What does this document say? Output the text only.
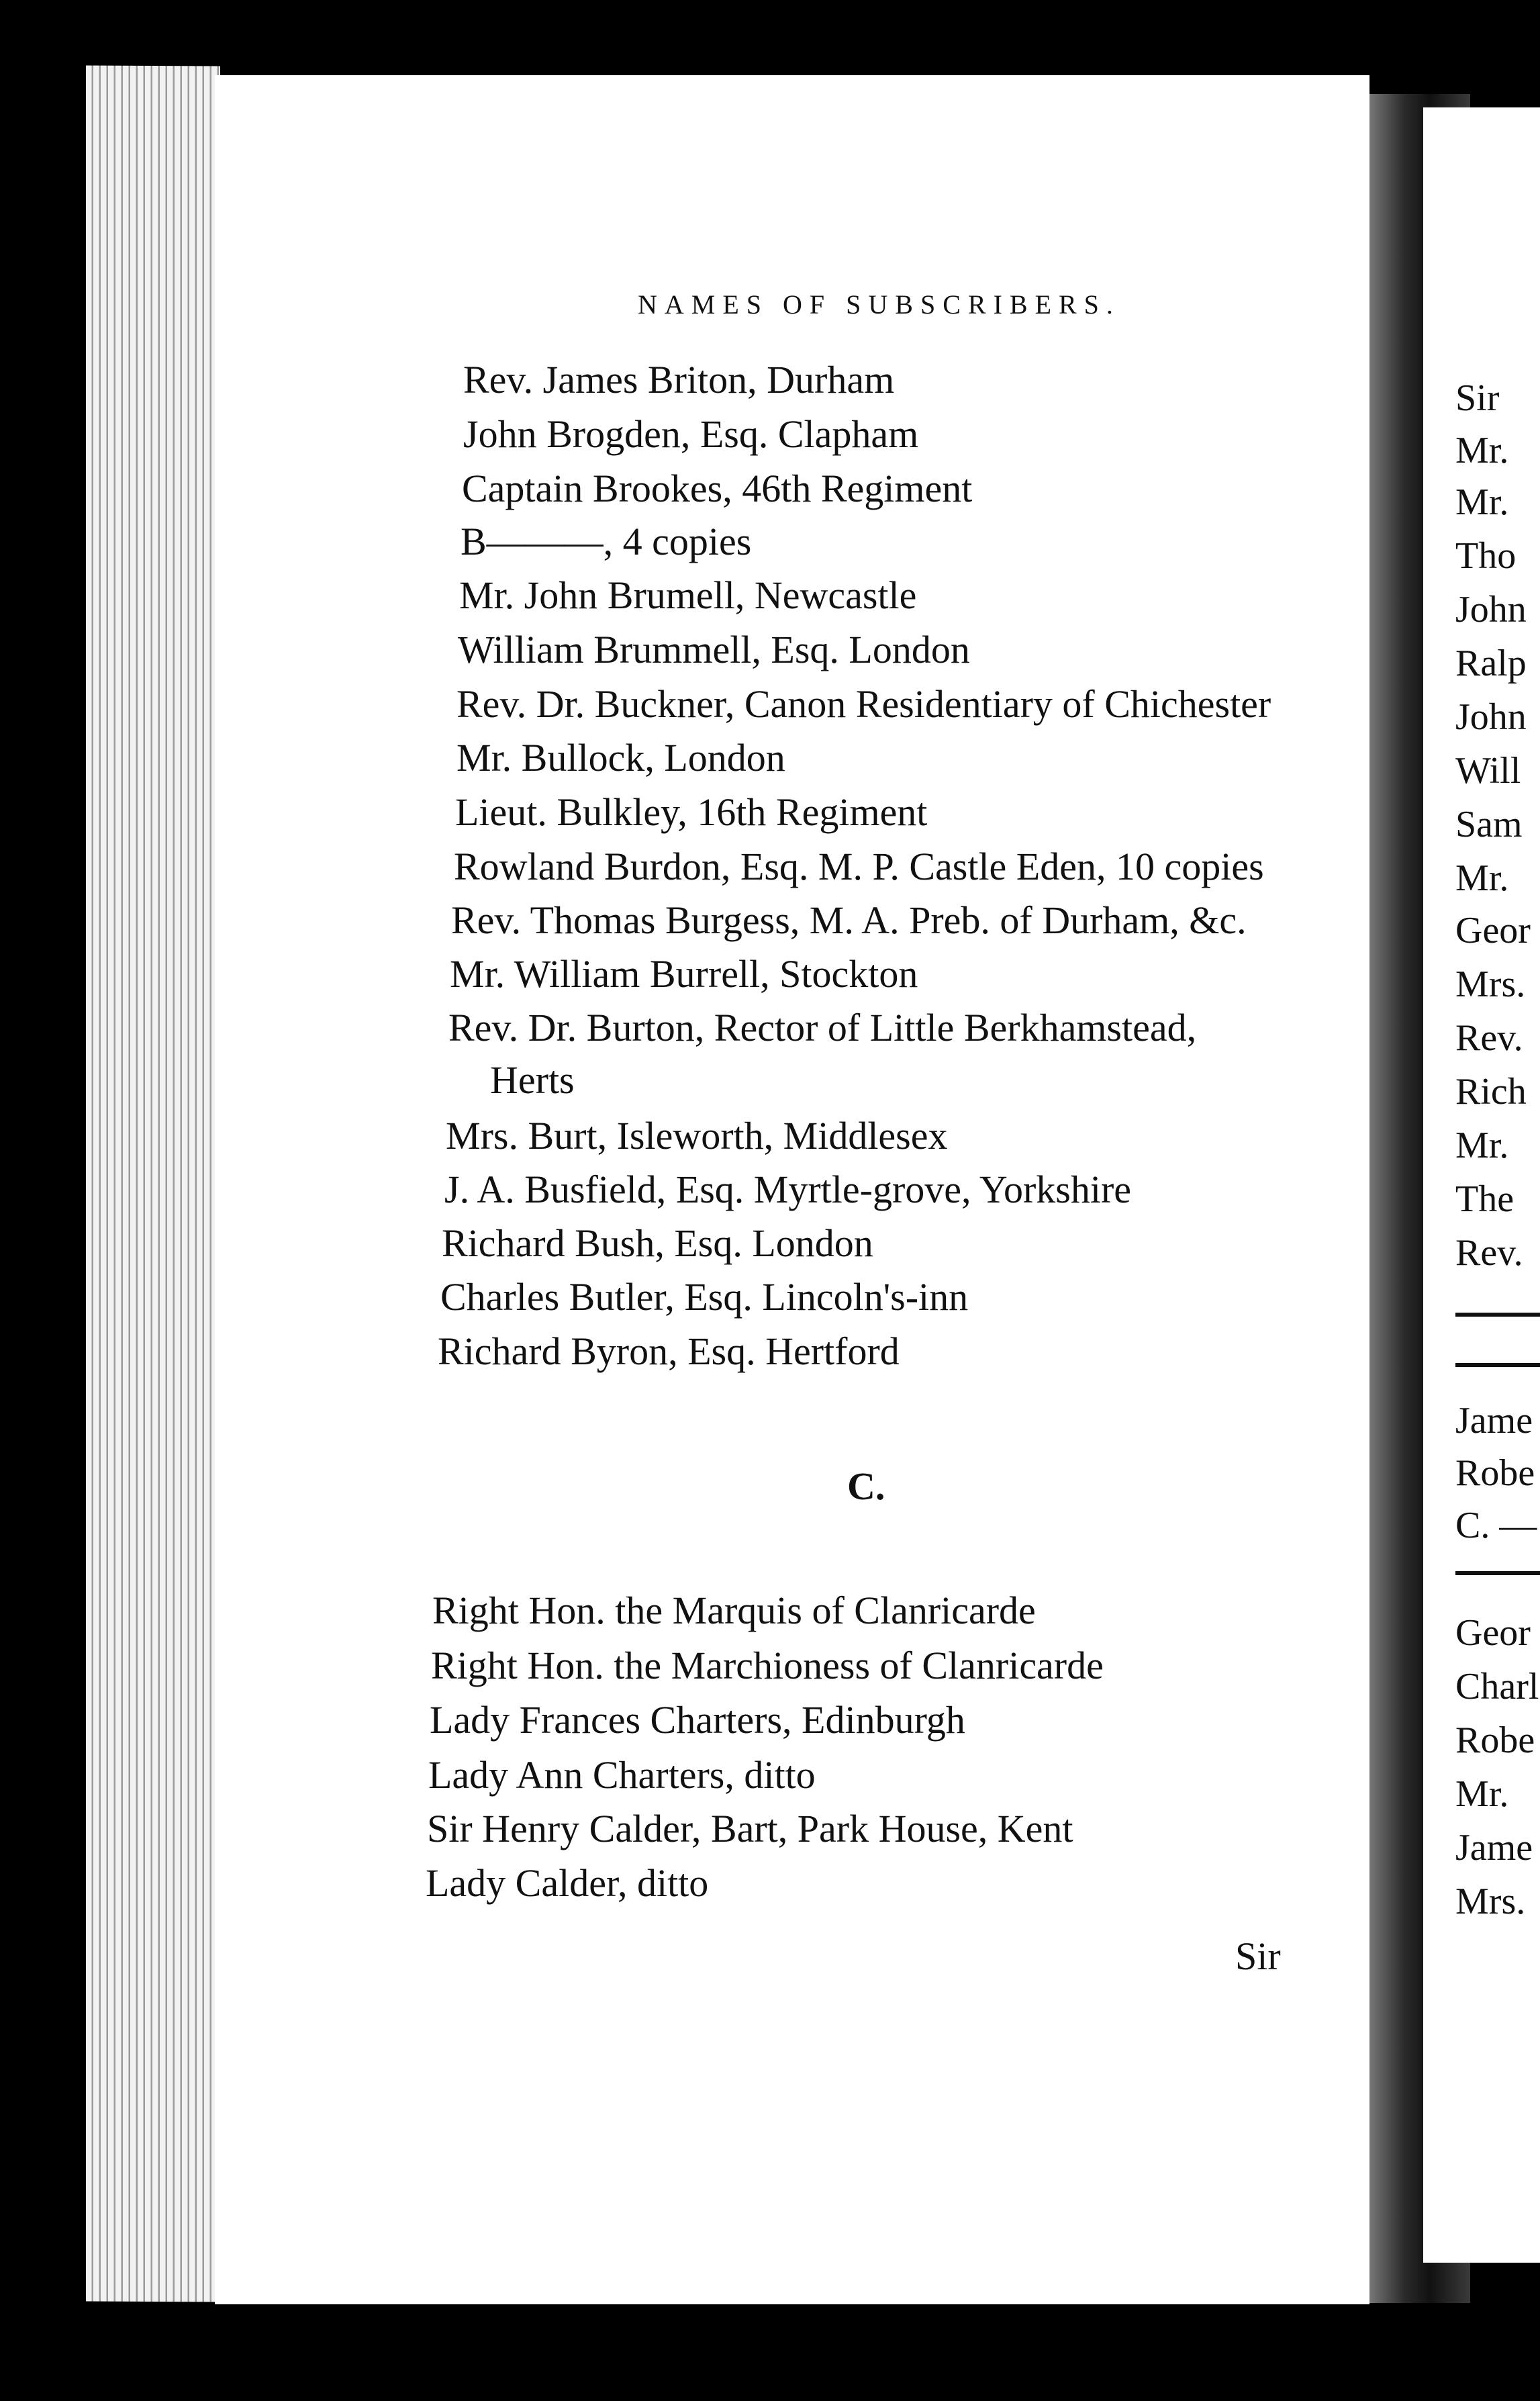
NAMES OF SUBSCRIBERS.
Rev. James Briton, Durham
John Brogden, Esq. Clapham
Captain Brookes, 46th Regiment
B———, 4 copies
Mr. John Brumell, Newcastle
William Brummell, Esq. London
Rev. Dr. Buckner, Canon Residentiary of Chichester
Mr. Bullock, London
Lieut. Bulkley, 16th Regiment
Rowland Burdon, Esq. M. P. Castle Eden, 10 copies
Rev. Thomas Burgess, M. A. Preb. of Durham, &c.
Mr. William Burrell, Stockton
Rev. Dr. Burton, Rector of Little Berkhamstead,
Herts
Mrs. Burt, Isleworth, Middlesex
J. A. Busfield, Esq. Myrtle-grove, Yorkshire
Richard Bush, Esq. London
Charles Butler, Esq. Lincoln's-inn
Richard Byron, Esq. Hertford
C.
Right Hon. the Marquis of Clanricarde
Right Hon. the Marchioness of Clanricarde
Lady Frances Charters, Edinburgh
Lady Ann Charters, ditto
Sir Henry Calder, Bart, Park House, Kent
Lady Calder, ditto
Sir
Sir
Mr.
Mr.
Tho
John
Ralp
John
Will
Sam
Mr.
Geor
Mrs.
Rev.
Rich
Mr.
The
Rev.
Jame
Robe
C. —
Geor
Charl
Robe
Mr.
Jame
Mrs.
